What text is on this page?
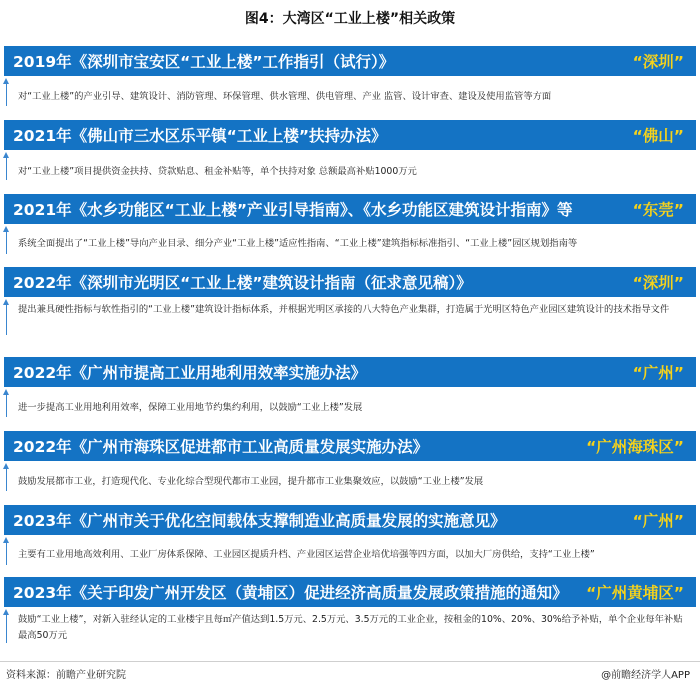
图4：大湾区“工业上楼”相关政策
2019年《深圳市宝安区“工业上楼”工作指引（试行）》	“深圳”
对“工业上楼”的产业引导、建筑设计、消防管理、环保管理、供水管理、供电管理、产业 监管、设计审查、建设及使用监管等方面
2021年《佛山市三水区乐平镇“工业上楼”扶持办法》	“佛山”
对“工业上楼”项目提供资金扶持、贷款贴息、租金补贴等，单个扶持对象 总额最高补贴1000万元
2021年《水乡功能区“工业上楼”产业引导指南》、《水乡功能区建筑设计指南》等	“东莞”
系统全面提出了“工业上楼”导向产业目录、细分产业“工业上楼”适应性指南、“工业上楼”建筑指标标准指引、“工业上楼”园区规划指南等
2022年《深圳市光明区“工业上楼”建筑设计指南（征求意见稿）》	“深圳”
提出兼具硬性指标与软性指引的“工业上楼”建筑设计指标体系，并根据光明区承接的八大特色产业集群，打造属于光明区特色产业园区建筑设计的技术指导文件
2022年《广州市提高工业用地利用效率实施办法》	“广州”
进一步提高工业用地利用效率，保障工业用地节约集约利用，以鼓励“工业上楼”发展
2022年《广州市海珠区促进都市工业高质量发展实施办法》	“广州海珠区”
鼓励发展都市工业，打造现代化、专业化综合型现代都市工业园，提升都市工业集聚效应，以鼓励“工业上楼”发展
2023年《广州市关于优化空间载体支撑制造业高质量发展的实施意见》	“广州”
主要有工业用地高效利用、工业厂房体系保障、工业园区提质升档、产业园区运营企业培优培强等四方面，以加大厂房供给，支持“工业上楼”
2023年《关于印发广州开发区（黄埔区）促进经济高质量发展政策措施的通知》	“广州黄埔区”
鼓励“工业上楼”，对新入驻经认定的工业楼宇且每㎡产值达到1.5万元、2.5万元、3.5万元的工业企业，按租金的10%、20%、30%给予补贴，单个企业每年补贴最高50万元
资料来源：前瞻产业研究院	@前瞻经济学人APP
